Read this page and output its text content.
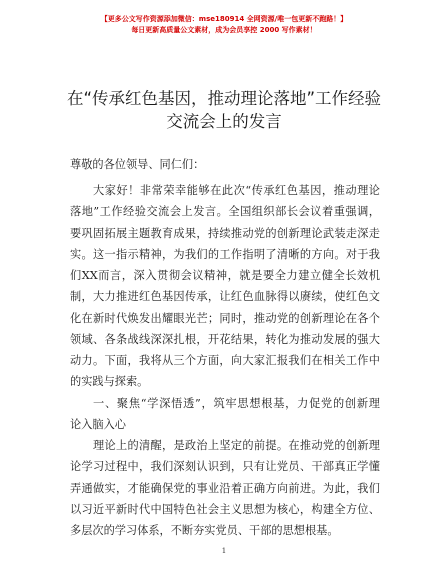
【更多公文写作资源添加微信：mse180914 全网资源/唯一包更新不跑路！】
每日更新高质量公文素材，成为会员享控 2000 写作素材！
在“传承红色基因，推动理论落地”工作经验
交流会上的发言
尊敬的各位领导、同仁们：
大家好！非常荣幸能够在此次“传承红色基因，推动理论
落地”工作经验交流会上发言。全国组织部长会议着重强调，
要巩固拓展主题教育成果，持续推动党的创新理论武装走深走
实。这一指示精神，为我们的工作指明了清晰的方向。对于我
们XX而言，深入贯彻会议精神，就是要全力建立健全长效机
制，大力推进红色基因传承，让红色血脉得以赓续，使红色文
化在新时代焕发出耀眼光芒；同时，推动党的创新理论在各个
领域、各条战线深深扎根，开花结果，转化为推动发展的强大
动力。下面，我将从三个方面，向大家汇报我们在相关工作中
的实践与探索。
一、聚焦“学深悟透”，筑牢思想根基，力促党的创新理
论入脑入心
理论上的清醒，是政治上坚定的前提。在推动党的创新理
论学习过程中，我们深刻认识到，只有让党员、干部真正学懂
弄通做实，才能确保党的事业沿着正确方向前进。为此，我们
以习近平新时代中国特色社会主义思想为核心，构建全方位、
多层次的学习体系，不断夯实党员、干部的思想根基。
1
